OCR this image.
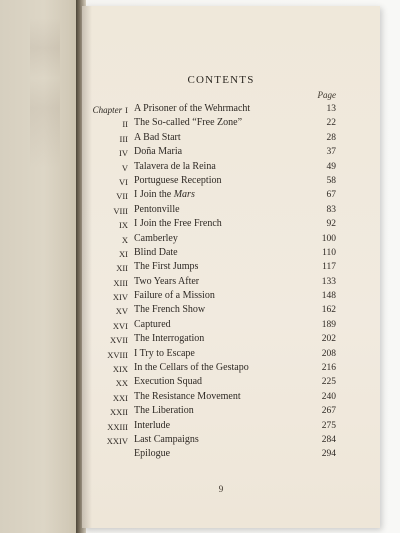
CONTENTS
Page
Chapter I A Prisoner of the Wehrmacht	13
II The So-called “Free Zone”	22
III A Bad Start	28
IV Doña Maria	37
V Talavera de la Reina	49
VI Portuguese Reception	58
VII I Join the Mars	67
VIII Pentonville	83
IX I Join the Free French	92
X Camberley	100
XI Blind Date	110
XII The First Jumps	117
XIII Two Years After	133
XIV Failure of a Mission	148
XV The French Show	162
XVI Captured	189
XVII The Interrogation	202
XVIII I Try to Escape	208
XIX In the Cellars of the Gestapo	216
XX Execution Squad	225
XXI The Resistance Movement	240
XXII The Liberation	267
XXIII Interlude	275
XXIV Last Campaigns	284
Epilogue	294
9
